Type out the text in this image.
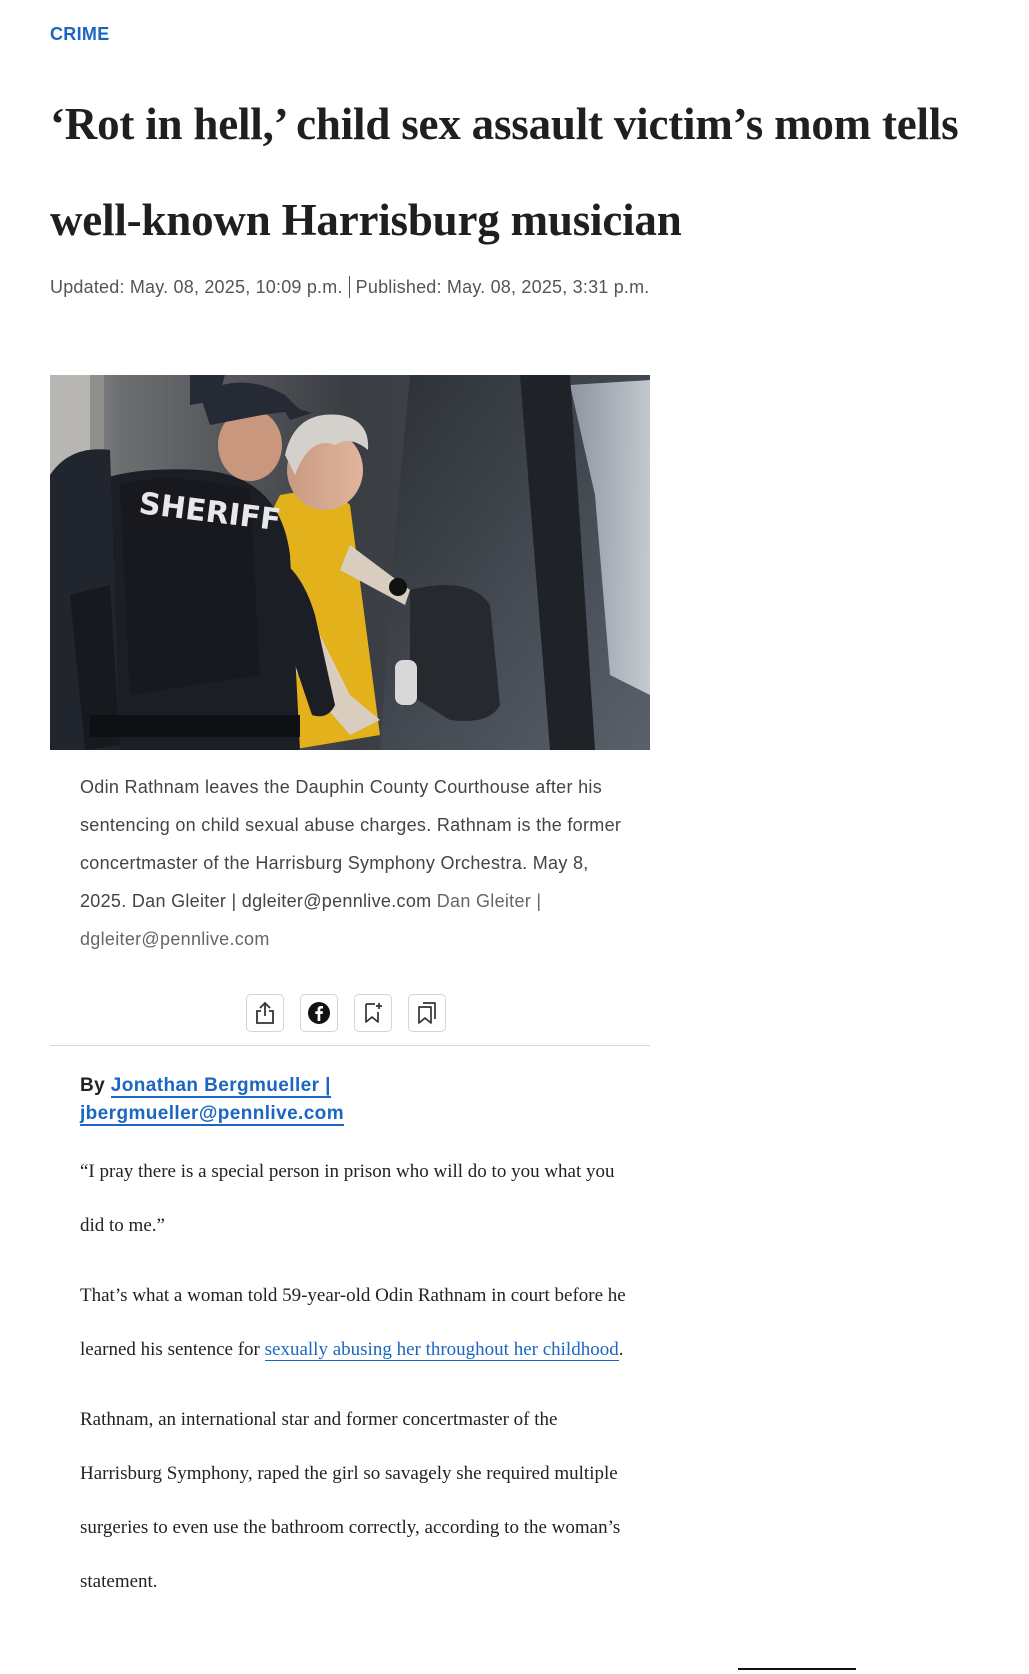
CRIME
‘Rot in hell,’ child sex assault victim’s mom tells well-known Harrisburg musician
Updated: May. 08, 2025, 10:09 p.m. Published: May. 08, 2025, 3:31 p.m.
SHERIFF

Odin Rathnam leaves the Dauphin County Courthouse after his sentencing on child sexual abuse charges. Rathnam is the former concertmaster of the Harrisburg Symphony Orchestra. May 8, 2025. Dan Gleiter | dgleiter@pennlive.com Dan Gleiter | dgleiter@pennlive.com

By Jonathan Bergmueller |
jbergmueller@pennlive.com

“I pray there is a special person in prison who will do to you what you did to me.”

That’s what a woman told 59-year-old Odin Rathnam in court before he learned his sentence for sexually abusing her throughout her childhood.

Rathnam, an international star and former concertmaster of the Harrisburg Symphony, raped the girl so savagely she required multiple surgeries to even use the bathroom correctly, according to the woman’s statement.
